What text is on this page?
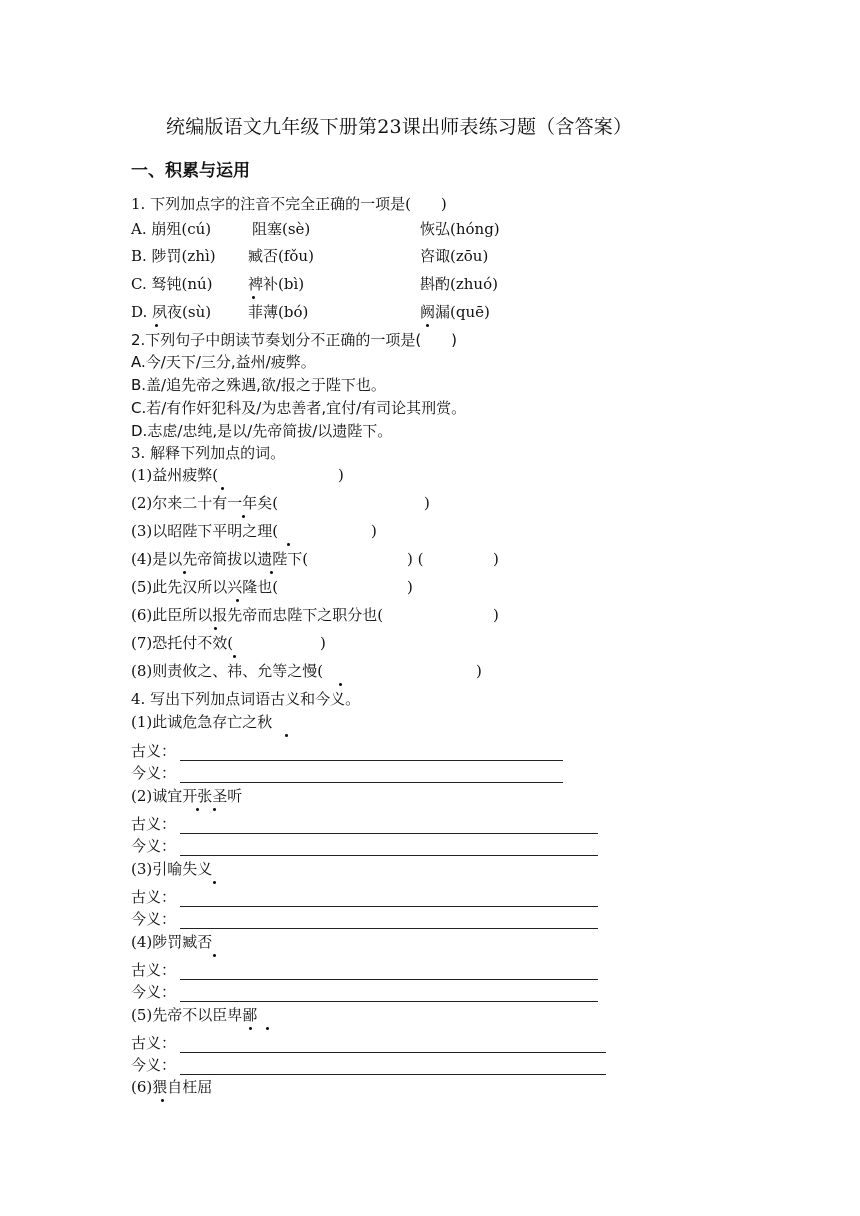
统编版语文九年级下册第23课出师表练习题（含答案）
一、积累与运用
1. 下列加点字的注音不完全正确的一项是(　　)
A. 崩殂(cú)	阻塞(sè)	恢弘(hóng)
B. 陟罚(zhì) 臧否(fǒu)	咨诹(zōu)
C. 驽钝(nú) 裨补(bì)	斟酌(zhuó)
D. 夙夜(sù) 菲薄(bó)	阙漏(quē)
2.下列句子中朗读节奏划分不正确的一项是(　　)
A.今/天下/三分,益州/疲弊。
B.盖/追先帝之殊遇,欲/报之于陛下也。
C.若/有作奸犯科及/为忠善者,宜付/有司论其刑赏。
D.志虑/忠纯,是以/先帝简拔/以遗陛下。
3. 解释下列加点的词。
(1)益州疲弊(	)
(2)尔来二十有一年矣(	)
(3)以昭陛下平明之理(	)
(4)是以先帝简拔以遗陛下(	) (	)
(5)此先汉所以兴隆也(	)
(6)此臣所以报先帝而忠陛下之职分也(	)
(7)恐托付不效(	)
(8)则责攸之、祎、允等之慢(	)
4. 写出下列加点词语古义和今义。
(1)此诚危急存亡之秋
古义：
今义：
(2)诚宜开张圣听
古义：
今义：
(3)引喻失义
古义：
今义：
(4)陟罚臧否
古义：
今义：
(5)先帝不以臣卑鄙
古义：
今义：
(6)猥自枉屈
